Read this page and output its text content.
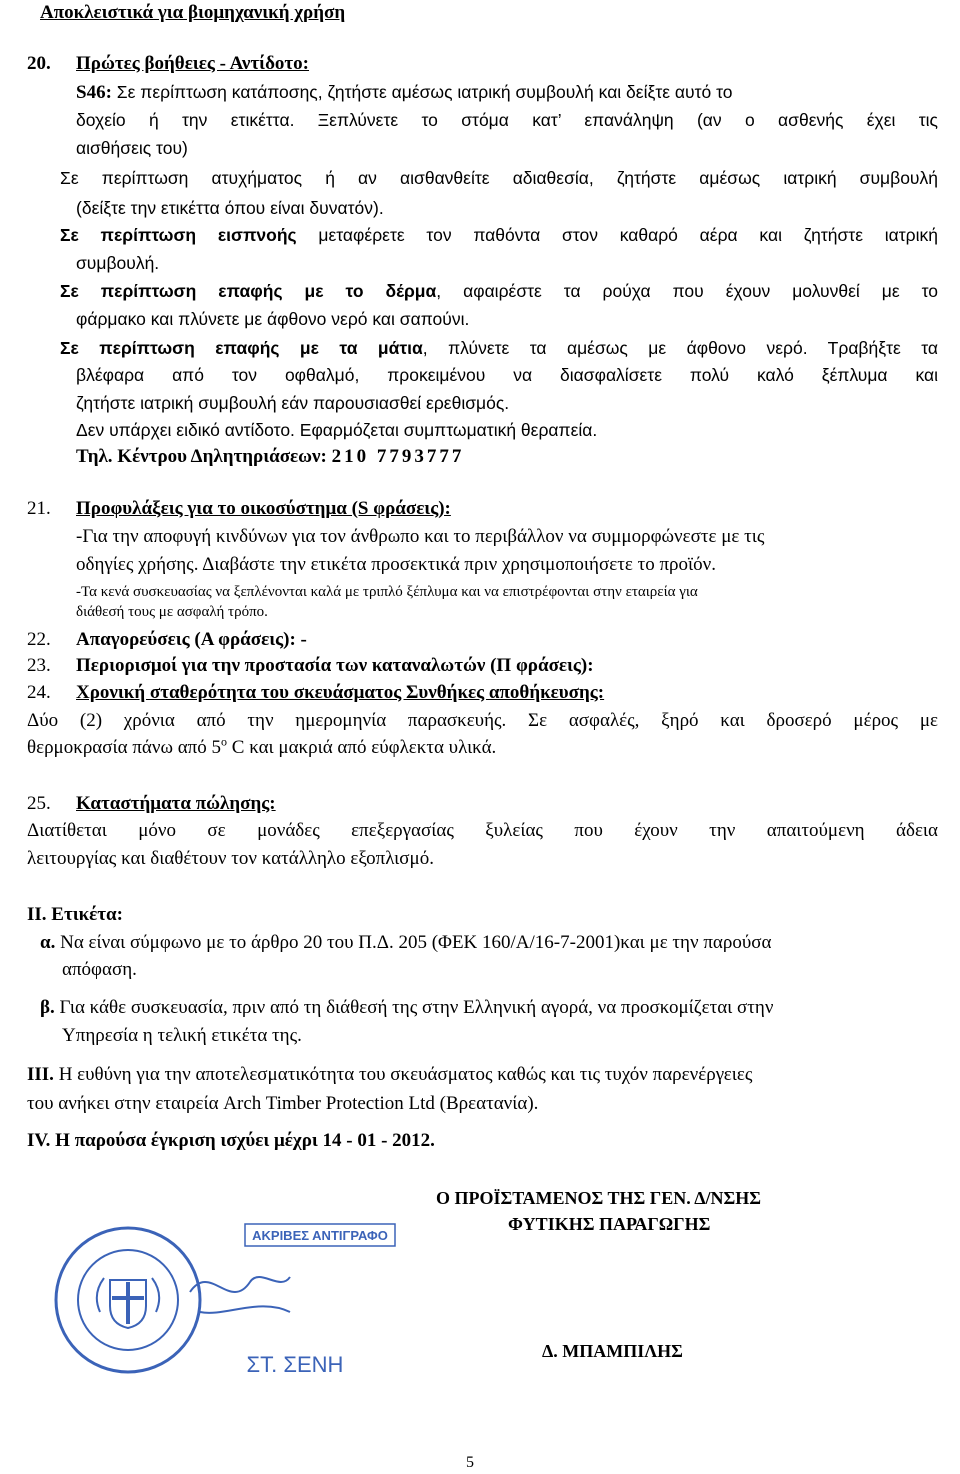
Αποκλειστικά για βιομηχανική χρήση
20. Πρώτες βοήθειες - Αντίδοτο:
S46: Σε περίπτωση κατάποσης, ζητήστε αμέσως ιατρική συμβουλή και δείξτε αυτό το
δοχείο ή την ετικέττα. Ξεπλύνετε το στόμα κατ’ επανάληψη (αν ο ασθενής έχει τις
αισθήσεις του)
Σε περίπτωση ατυχήματος ή αν αισθανθείτε αδιαθεσία, ζητήστε αμέσως ιατρική συμβουλή
(δείξτε την ετικέττα όπου είναι δυνατόν).
Σε περίπτωση εισπνοής μεταφέρετε τον παθόντα στον καθαρό αέρα και ζητήστε ιατρική
συμβουλή.
Σε περίπτωση επαφής με το δέρμα, αφαιρέστε τα ρούχα που έχουν μολυνθεί με το
φάρμακο και πλύνετε με άφθονο νερό και σαπούνι.
Σε περίπτωση επαφής με τα μάτια, πλύνετε τα αμέσως με άφθονο νερό. Τραβήξτε τα
βλέφαρα από τον οφθαλμό, προκειμένου να διασφαλίσετε πολύ καλό ξέπλυμα και
ζητήστε ιατρική συμβουλή εάν παρουσιασθεί ερεθισμός.
Δεν υπάρχει ειδικό αντίδοτο. Εφαρμόζεται συμπτωματική θεραπεία.
Τηλ. Κέντρου Δηλητηριάσεων: 210 7793777
21. Προφυλάξεις για το οικοσύστημα (S φράσεις):
-Για την αποφυγή κινδύνων για τον άνθρωπο και το περιβάλλον να συμμορφώνεστε με τις
οδηγίες χρήσης. Διαβάστε την ετικέτα προσεκτικά πριν χρησιμοποιήσετε το προϊόν.
-Τα κενά συσκευασίας να ξεπλένονται καλά με τριπλό ξέπλυμα και να επιστρέφονται στην εταιρεία για
διάθεσή τους με ασφαλή τρόπο.
22. Απαγορεύσεις (Α φράσεις): -
23. Περιορισμοί για την προστασία των καταναλωτών (Π φράσεις):
24. Χρονική σταθερότητα του σκευάσματος Συνθήκες αποθήκευσης:
Δύο (2) χρόνια από την ημερομηνία παρασκευής. Σε ασφαλές, ξηρό και δροσερό μέρος με
θερμοκρασία πάνω από 5$^o$ C και μακριά από εύφλεκτα υλικά.
25. Καταστήματα πώλησης:
Διατίθεται μόνο σε μονάδες επεξεργασίας ξυλείας που έχουν την απαιτούμενη άδεια
λειτουργίας και διαθέτουν τον κατάλληλο εξοπλισμό.
ΙΙ. Ετικέτα:
α. Να είναι σύμφωνο με το άρθρο 20 του Π.Δ. 205 (ΦΕΚ 160/Α/16-7-2001)και με την παρούσα
απόφαση.
β. Για κάθε συσκευασία, πριν από τη διάθεσή της στην Ελληνική αγορά, να προσκομίζεται στην
Υπηρεσία η τελική ετικέτα της.
ΙΙΙ. Η ευθύνη για την αποτελεσματικότητα του σκευάσματος καθώς και τις τυχόν παρενέργειες
του ανήκει στην εταιρεία Arch Timber Protection Ltd (Βρεατανία).
IV. Η παρούσα έγκριση ισχύει μέχρι 14 - 01 - 2012.
Ο ΠΡΟΪΣΤΑΜΕΝΟΣ ΤΗΣ ΓΕΝ. Δ/ΝΣΗΣ
ΦΥΤΙΚΗΣ ΠΑΡΑΓΩΓΗΣ
Δ. ΜΠΑΜΠΙΛΗΣ
ΑΚΡΙΒΕΣ ΑΝΤΙΓΡΑΦΟ
ΣΤ. ΣΕΝΗ
5
